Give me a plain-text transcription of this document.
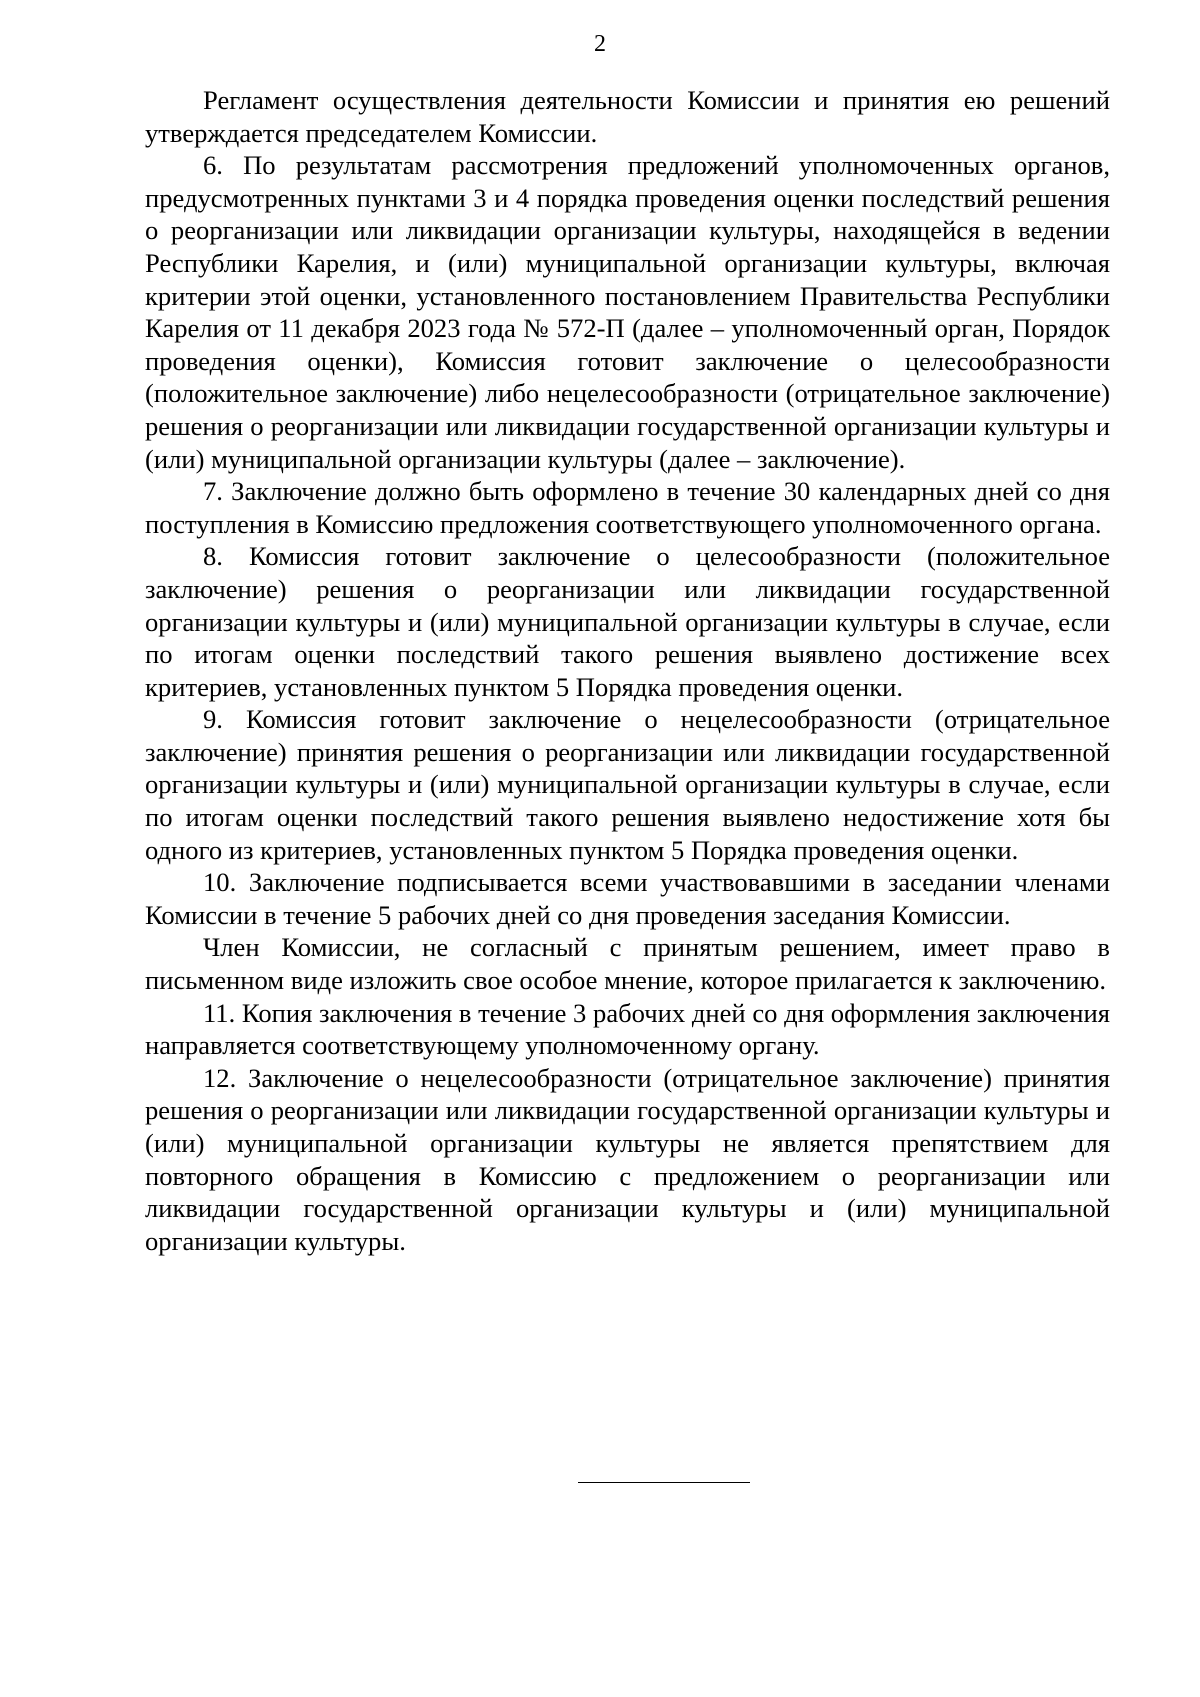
2

Регламент осуществления деятельности Комиссии и принятия ею решений утверждается председателем Комиссии.

6. По результатам рассмотрения предложений уполномоченных органов, предусмотренных пунктами 3 и 4 порядка проведения оценки последствий решения о реорганизации или ликвидации организации культуры, находящейся в ведении Республики Карелия, и (или) муниципальной организации культуры, включая критерии этой оценки, установленного постановлением Правительства Республики Карелия от 11 декабря 2023 года № 572-П (далее – уполномоченный орган, Порядок проведения оценки), Комиссия готовит заключение о целесообразности (положительное заключение) либо нецелесообразности (отрицательное заключение) решения о реорганизации или ликвидации государственной организации культуры и (или) муниципальной организации культуры (далее – заключение).

7. Заключение должно быть оформлено в течение 30 календарных дней со дня поступления в Комиссию предложения соответствующего уполномоченного органа.

8. Комиссия готовит заключение о целесообразности (положительное заключение) решения о реорганизации или ликвидации государственной организации культуры и (или) муниципальной организации культуры в случае, если по итогам оценки последствий такого решения выявлено достижение всех критериев, установленных пунктом 5 Порядка проведения оценки.

9. Комиссия готовит заключение о нецелесообразности (отрицательное заключение) принятия решения о реорганизации или ликвидации государственной организации культуры и (или) муниципальной организации культуры в случае, если по итогам оценки последствий такого решения выявлено недостижение хотя бы одного из критериев, установленных пунктом 5 Порядка проведения оценки.

10. Заключение подписывается всеми участвовавшими в заседании членами Комиссии в течение 5 рабочих дней со дня проведения заседания Комиссии.

Член Комиссии, не согласный с принятым решением, имеет право в письменном виде изложить свое особое мнение, которое прилагается к заключению.

11. Копия заключения в течение 3 рабочих дней со дня оформления заключения направляется соответствующему уполномоченному органу.

12. Заключение о нецелесообразности (отрицательное заключение) принятия решения о реорганизации или ликвидации государственной организации культуры и (или) муниципальной организации культуры не является препятствием для повторного обращения в Комиссию с предложением о реорганизации или ликвидации государственной организации культуры и (или) муниципальной организации культуры.
